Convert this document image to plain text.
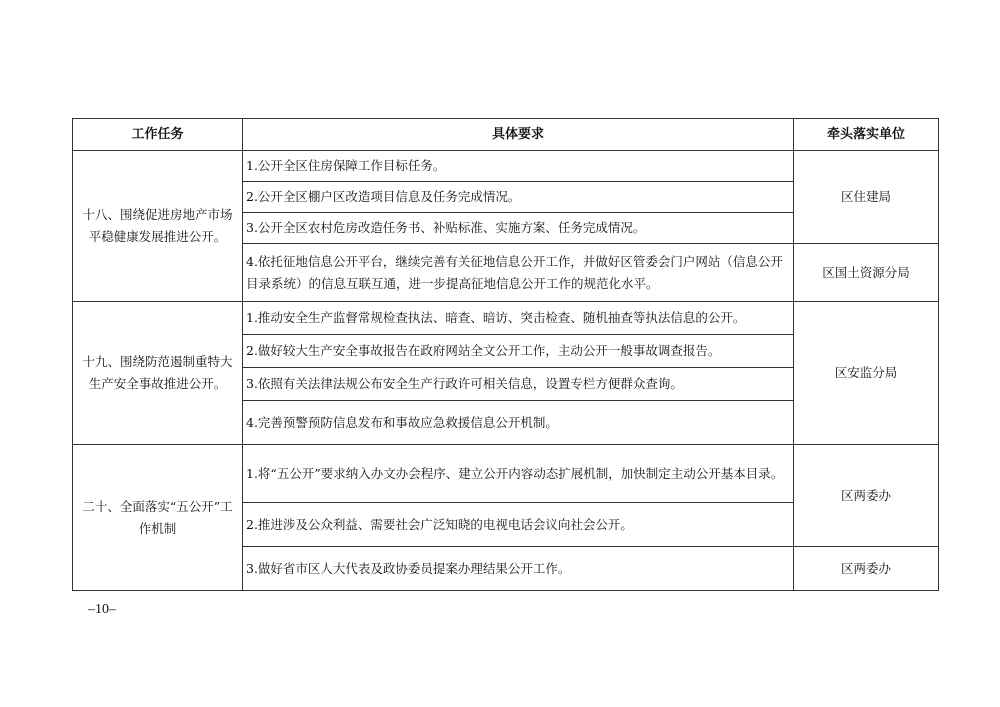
工作任务	具体要求	牵头落实单位
十八、围绕促进房地产市场平稳健康发展推进公开。	1.公开全区住房保障工作目标任务。	区住建局
	2.公开全区棚户区改造项目信息及任务完成情况。	
	3.公开全区农村危房改造任务书、补贴标准、实施方案、任务完成情况。	
	4.依托征地信息公开平台，继续完善有关征地信息公开工作，并做好区管委会门户网站（信息公开目录系统）的信息互联互通，进一步提高征地信息公开工作的规范化水平。	区国土资源分局
十九、围绕防范遏制重特大生产安全事故推进公开。	1.推动安全生产监督常规检查执法、暗查、暗访、突击检查、随机抽查等执法信息的公开。	区安监分局
	2.做好较大生产安全事故报告在政府网站全文公开工作，主动公开一般事故调查报告。	
	3.依照有关法律法规公布安全生产行政许可相关信息，设置专栏方便群众查询。	
	4.完善预警预防信息发布和事故应急救援信息公开机制。	
二十、全面落实“五公开”工作机制	1.将“五公开”要求纳入办文办会程序、建立公开内容动态扩展机制，加快制定主动公开基本目录。	区两委办
	2.推进涉及公众利益、需要社会广泛知晓的电视电话会议向社会公开。	
	3.做好省市区人大代表及政协委员提案办理结果公开工作。	区两委办
–10–
